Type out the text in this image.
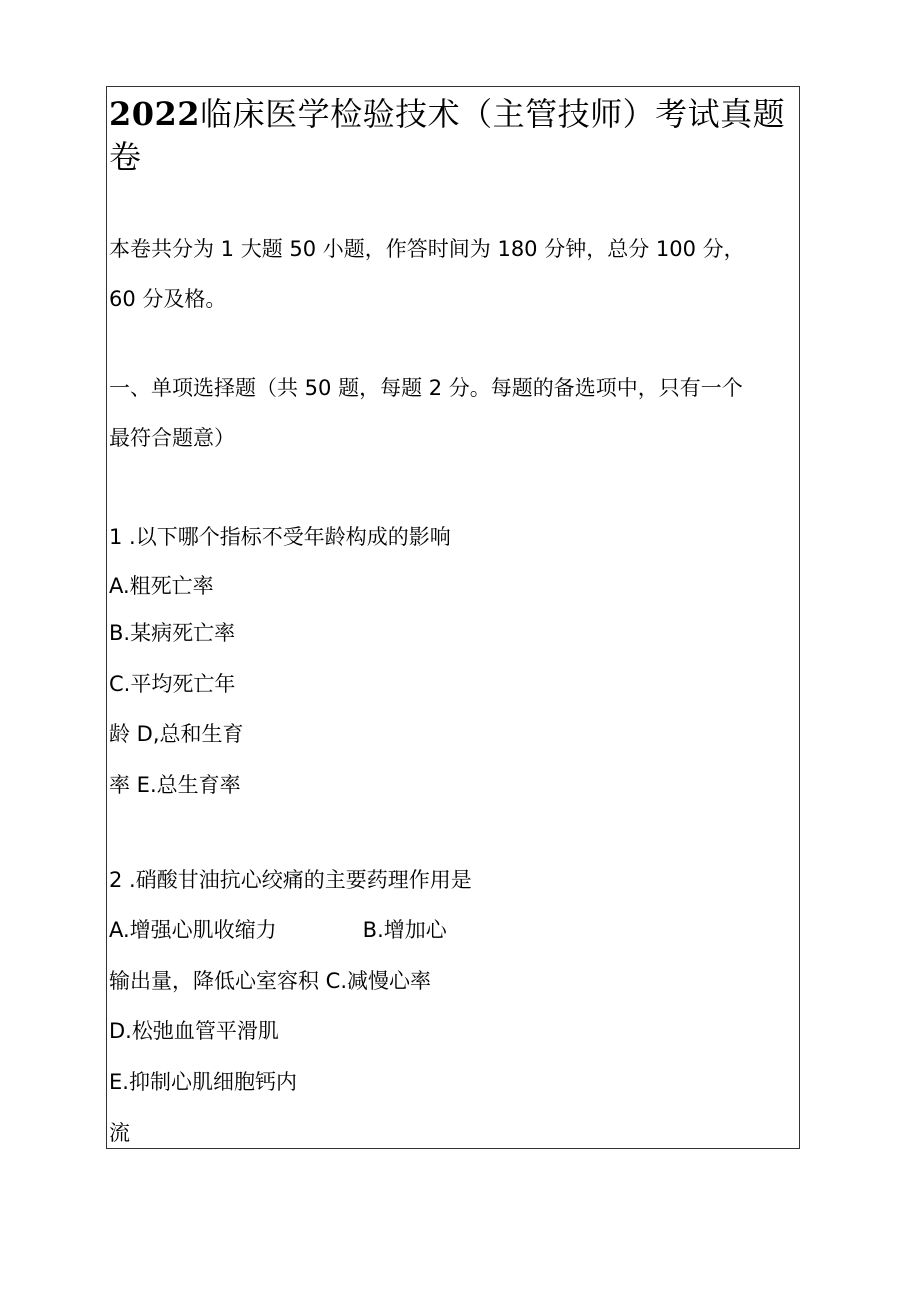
2022临床医学检验技术（主管技师）考试真题
卷
本卷共分为 1 大题 50 小题，作答时间为 180 分钟，总分 100 分，
60 分及格。
一、单项选择题（共 50 题，每题 2 分。每题的备选项中，只有一个
最符合题意）
1 .以下哪个指标不受年龄构成的影响
A.粗死亡率
B.某病死亡率
C.平均死亡年
龄 D,总和生育
率 E.总生育率
2 .硝酸甘油抗心绞痛的主要药理作用是
A.增强心肌收缩力	B.增加心
输出量，降低心室容积 C.减慢心率
D.松弛血管平滑肌
E.抑制心肌细胞钙内
流
